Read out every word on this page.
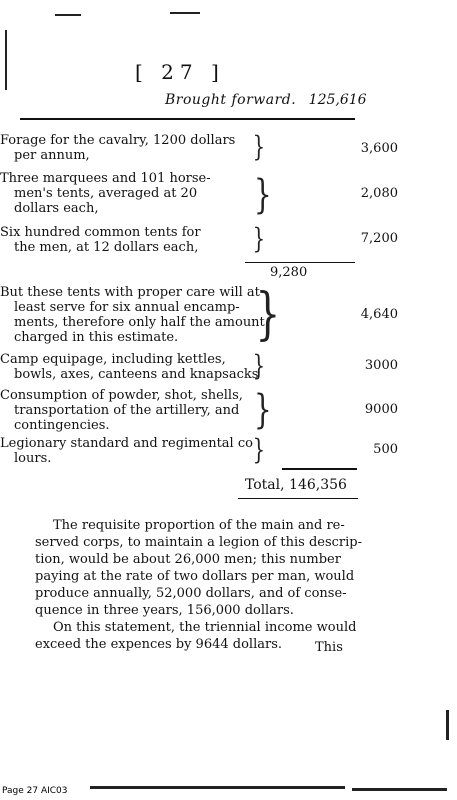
[ 27 ]
Brought forward. 125,616
Forage for the cavalry, 1200 dollars
per annum,	}	3,600
Three marquees and 101 horse-
men's tents, averaged at 20
dollars each,	}	2,080
Six hundred common tents for
the men, at 12 dollars each,	}	7,200
9,280
But these tents with proper care will at
least serve for six annual encamp-
ments, therefore only half the amount
charged in this estimate.	}	4,640
Camp equipage, including kettles,
bowls, axes, canteens and knapsacks
}	3000
Consumption of powder, shot, shells,
transportation of the artillery, and
contingencies.	}	9000
Legionary standard and regimental co
lours.	}	500
Total, 146,356
The requisite proportion of the main and re-
served corps, to maintain a legion of this descrip-
tion, would be about 26,000 men; this number
paying at the rate of two dollars per man, would
produce annually, 52,000 dollars, and of conse-
quence in three years, 156,000 dollars.
On this statement, the triennial income would
exceed the expences by 9644 dollars.	This
Page 27 AIC03
